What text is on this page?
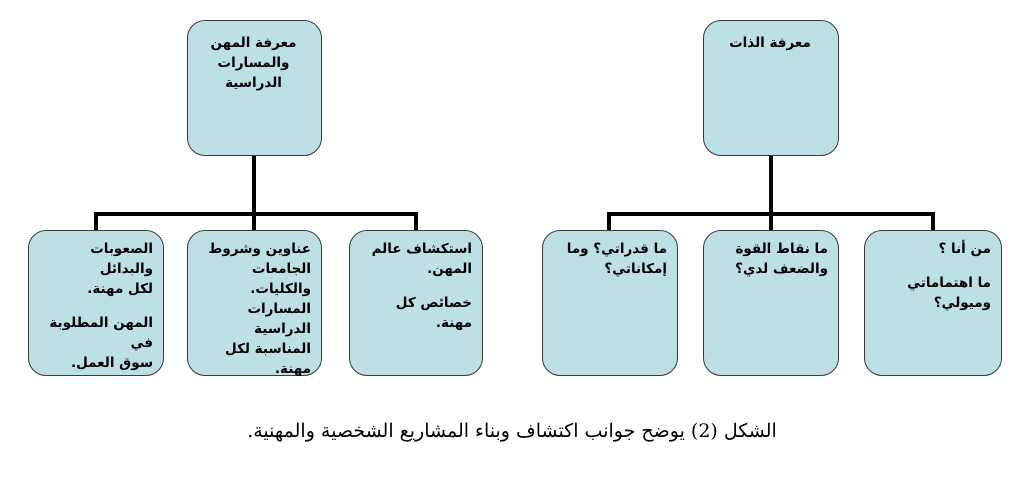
معرفة المهن
والمسارات
الدراسية
الصعوبات والبدائل
لكل مهنة.
المهن المطلوبة في
سوق العمل.
عناوين وشروط
الجامعات والكليات.
المسارات الدراسية
المناسبة لكل
مهنة.
استكشاف عالم
المهن.
خصائص كل مهنة.
معرفة الذات
ما قدراتي؟ وما
إمكاناتي؟
ما نقاط القوة
والضعف لدي؟
من أنا ؟
ما اهتماماتي
وميولي؟
الشكل (2) يوضح جوانب اكتشاف وبناء المشاريع الشخصية والمهنية.
